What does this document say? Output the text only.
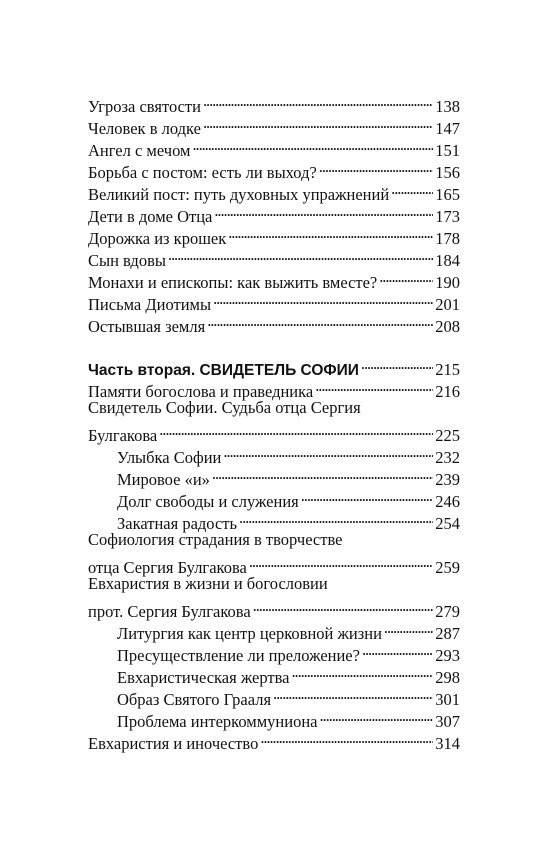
Угроза святости . . .	138
Человек в лодке . . .	147
Ангел с мечом . . .	151
Борьба с постом: есть ли выход? . . .	156
Великий пост: путь духовных упражнений . . .	165
Дети в доме Отца . . .	173
Дорожка из крошек . . .	178
Сын вдовы . . .	184
Монахи и епископы: как выжить вместе? . . .	190
Письма Диотимы . . .	201
Остывшая земля . . .	208
Часть вторая. СВИДЕТЕЛЬ СОФИИ . . .	215
Памяти богослова и праведника . . .	216
Свидетель Софии. Судьба отца Сергия
Булгакова . . .	225
Улыбка Софии . . .	232
Мировое «и» . . .	239
Долг свободы и служения . . .	246
Закатная радость . . .	254
Софиология страдания в творчестве
отца Сергия Булгакова . . .	259
Евхаристия в жизни и богословии
прот. Сергия Булгакова . . .	279
Литургия как центр церковной жизни . . .	287
Пресуществление ли преложение? . . .	293
Евхаристическая жертва . . .	298
Образ Святого Грааля . . .	301
Проблема интеркоммуниона . . .	307
Евхаристия и иночество . . .	314
